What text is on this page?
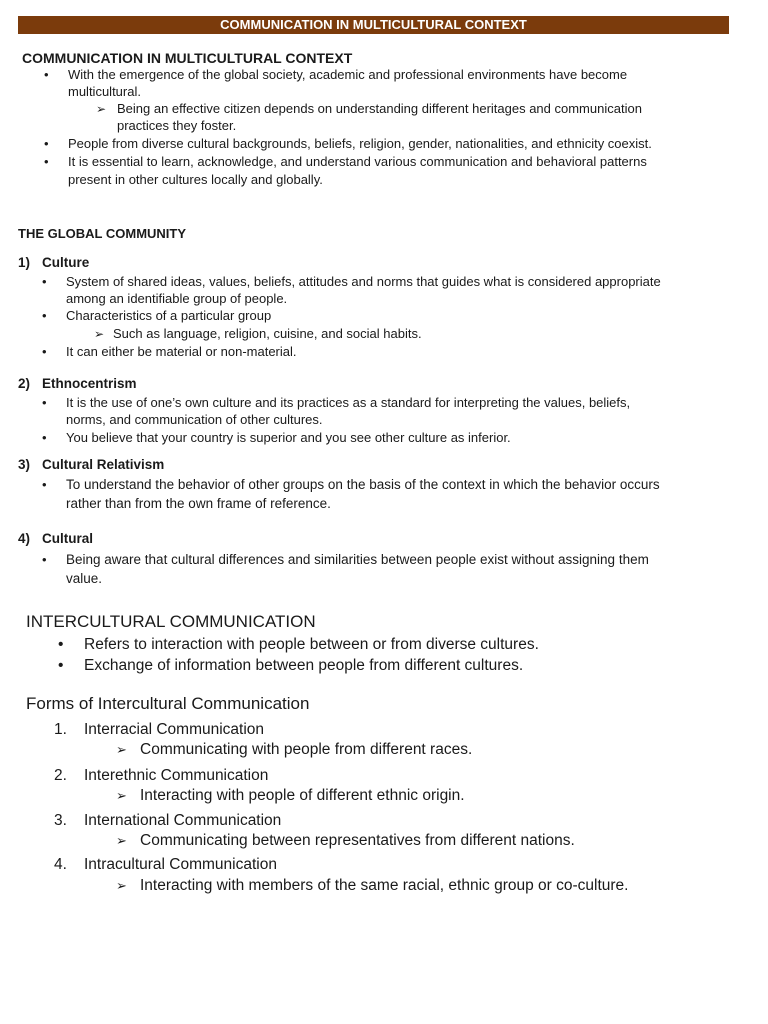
COMMUNICATION IN MULTICULTURAL CONTEXT
COMMUNICATION IN MULTICULTURAL CONTEXT
• With the emergence of the global society, academic and professional environments have become
multicultural.
➢ Being an effective citizen depends on understanding different heritages and communication
practices they foster.
• People from diverse cultural backgrounds, beliefs, religion, gender, nationalities, and ethnicity coexist.
• It is essential to learn, acknowledge, and understand various communication and behavioral patterns
present in other cultures locally and globally.
THE GLOBAL COMMUNITY
1) Culture
• System of shared ideas, values, beliefs, attitudes and norms that guides what is considered appropriate
among an identifiable group of people.
• Characteristics of a particular group
➢ Such as language, religion, cuisine, and social habits.
• It can either be material or non-material.
2) Ethnocentrism
• It is the use of one’s own culture and its practices as a standard for interpreting the values, beliefs,
norms, and communication of other cultures.
• You believe that your country is superior and you see other culture as inferior.
3) Cultural Relativism
• To understand the behavior of other groups on the basis of the context in which the behavior occurs
rather than from the own frame of reference.
4) Cultural
• Being aware that cultural differences and similarities between people exist without assigning them
value.
INTERCULTURAL COMMUNICATION
• Refers to interaction with people between or from diverse cultures.
• Exchange of information between people from different cultures.
Forms of Intercultural Communication
1. Interracial Communication
➢ Communicating with people from different races.
2. Interethnic Communication
➢ Interacting with people of different ethnic origin.
3. International Communication
➢ Communicating between representatives from different nations.
4. Intracultural Communication
➢ Interacting with members of the same racial, ethnic group or co-culture.
